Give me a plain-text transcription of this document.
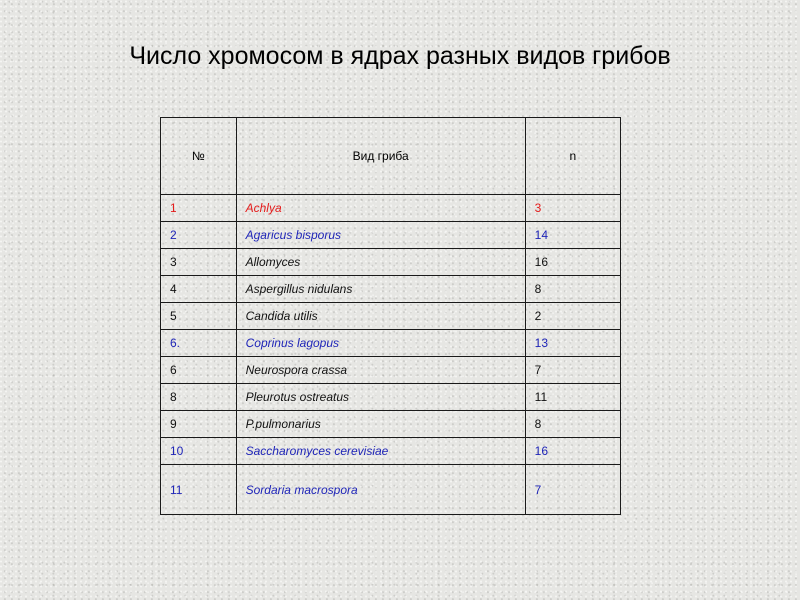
Число хромосом в ядрах разных видов грибов
№	Вид гриба	n
1	Achlya	3
2	Agaricus bisporus	14
3	Allomyces	16
4	Aspergillus nidulans	8
5	Candida utilis	2
6.	Coprinus lagopus	13
6	Neurospora crassa	7
8	Pleurotus ostreatus	11
9	P.pulmonarius	8
10	Saccharomyces cerevisiae	16
11	Sordaria macrospora	7
